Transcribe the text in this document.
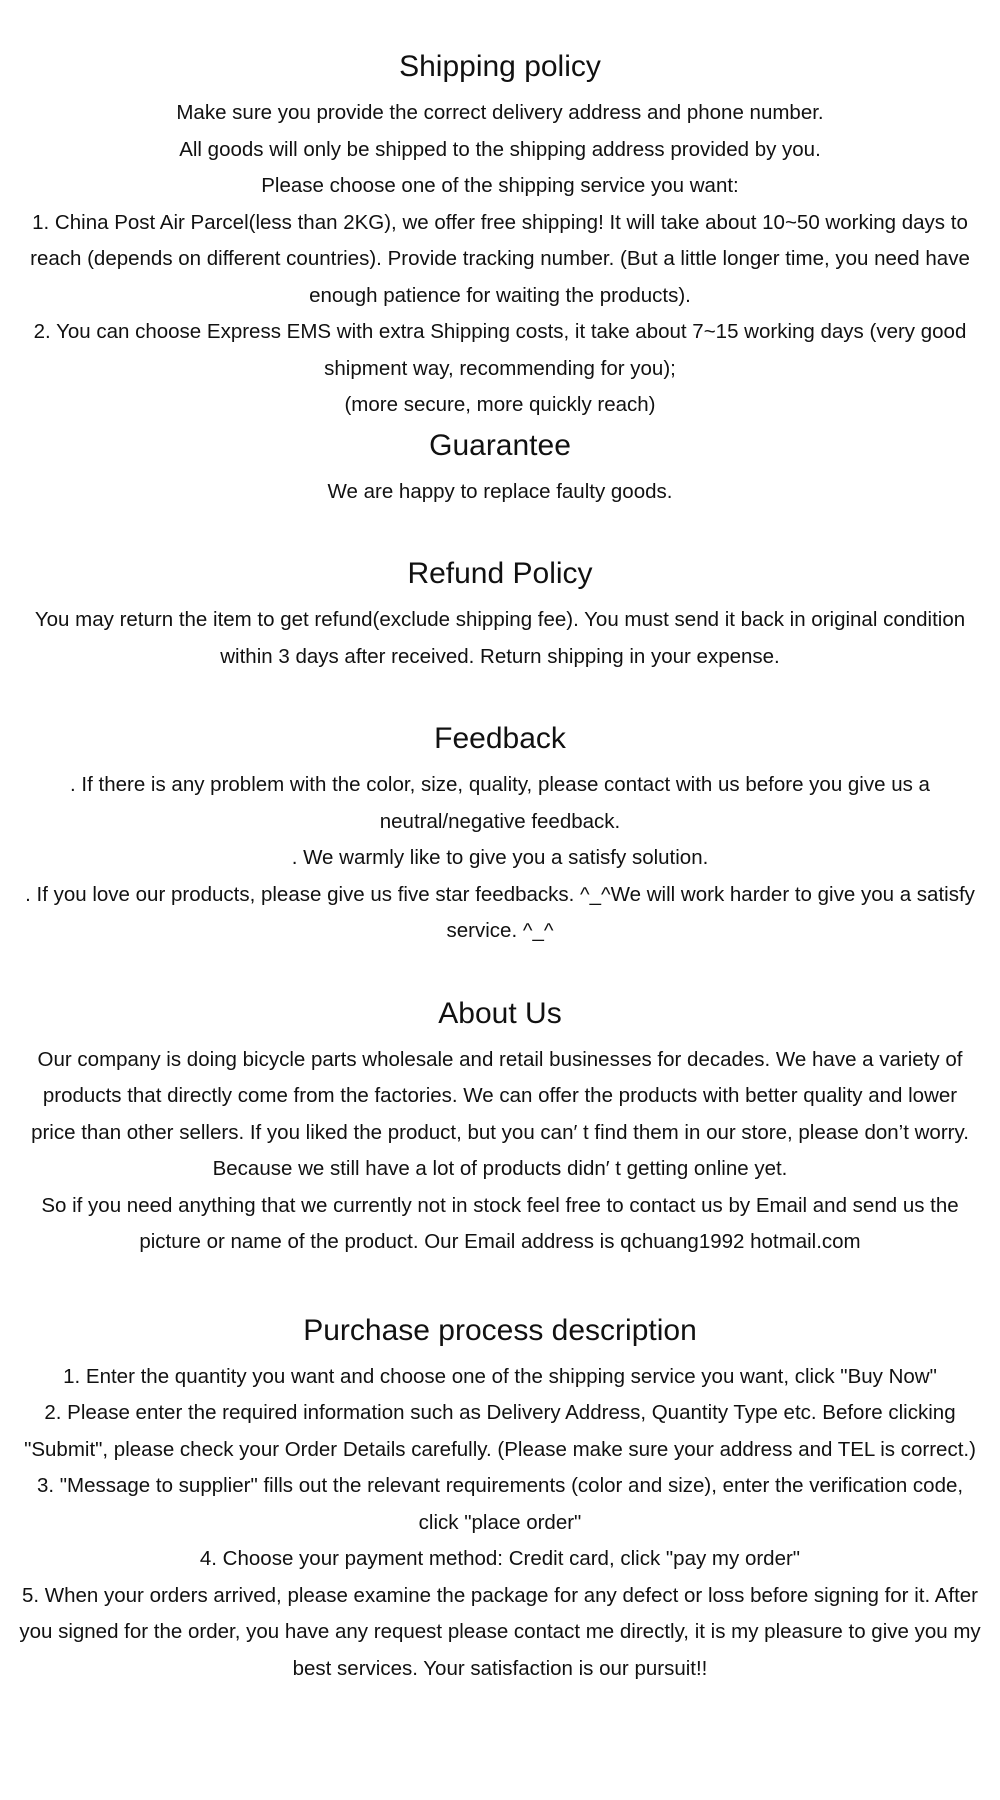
Shipping policy

Make sure you provide the correct delivery address and phone number.

All goods will only be shipped to the shipping address provided by you.

Please choose one of the shipping service you want:

1. China Post Air Parcel(less than 2KG), we offer free shipping! It will take about 10~50 working days to reach (depends on different countries). Provide tracking number. (But a little longer time, you need have enough patience for waiting the products).

2. You can choose Express EMS with extra Shipping costs, it take about 7~15 working days (very good shipment way, recommending for you);

(more secure, more quickly reach)

Guarantee

We are happy to replace faulty goods.

Refund Policy

You may return the item to get refund(exclude shipping fee). You must send it back in original condition within 3 days after received. Return shipping in your expense.

Feedback

. If there is any problem with the color, size, quality, please contact with us before you give us a neutral/negative feedback.

. We warmly like to give you a satisfy solution.

. If you love our products, please give us five star feedbacks. ^_^We will work harder to give you a satisfy service. ^_^

About Us

Our company is doing bicycle parts wholesale and retail businesses for decades. We have a variety of products that directly come from the factories. We can offer the products with better quality and lower price than other sellers. If you liked the product, but you can′ t find them in our store, please don’t worry. Because we still have a lot of products didn′ t getting online yet.

So if you need anything that we currently not in stock feel free to contact us by Email and send us the picture or name of the product. Our Email address is qchuang1992 hotmail.com

Purchase process description

1. Enter the quantity you want and choose one of the shipping service you want, click "Buy Now"

2. Please enter the required information such as Delivery Address, Quantity Type etc. Before clicking "Submit", please check your Order Details carefully. (Please make sure your address and TEL is correct.)

3. "Message to supplier" fills out the relevant requirements (color and size), enter the verification code, click "place order"

4. Choose your payment method: Credit card, click "pay my order"

5. When your orders arrived, please examine the package for any defect or loss before signing for it. After you signed for the order, you have any request please contact me directly, it is my pleasure to give you my best services. Your satisfaction is our pursuit!!
